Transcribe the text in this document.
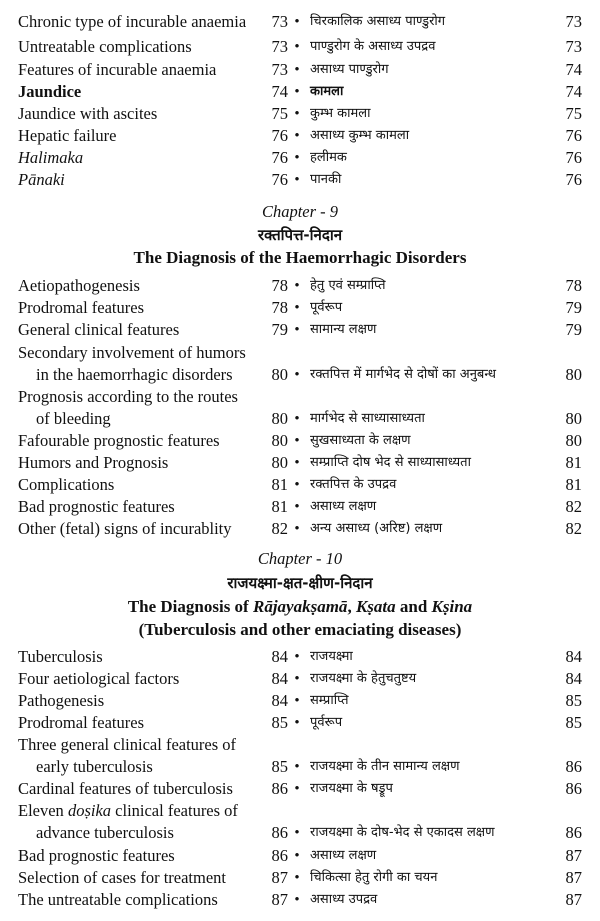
Chronic type of incurable anaemia	73 • चिरकालिक असाध्य पाण्डुरोग	73
Untreatable complications	73 • पाण्डुरोग के असाध्य उपद्रव	73
Features of incurable anaemia	73 • असाध्य पाण्डुरोग	74
Jaundice	74 • कामला	74
Jaundice with ascites	75 • कुम्भ कामला	75
Hepatic failure	76 • असाध्य कुम्भ कामला	76
Halimaka	76 • हलीमक	76
Pānaki	76 • पानकी	76
Chapter - 9
रक्तपित्त-निदान
The Diagnosis of the Haemorrhagic Disorders
Aetiopathogenesis	78 • हेतु एवं सम्प्राप्ति	78
Prodromal features	78 • पूर्वरूप	79
General clinical features	79 • सामान्य लक्षण	79
Secondary involvement of humors
in the haemorrhagic disorders	80 • रक्तपित्त में मार्गभेद से दोषों का अनुबन्ध	80
Prognosis according to the routes
of bleeding	80 • मार्गभेद से साध्यासाध्यता	80
Fafourable prognostic features	80 • सुखसाध्यता के लक्षण	80
Humors and Prognosis	80 • सम्प्राप्ति दोष भेद से साध्यासाध्यता	81
Complications	81 • रक्तपित्त के उपद्रव	81
Bad prognostic features	81 • असाध्य लक्षण	82
Other (fetal) signs of incurablity	82 • अन्य असाध्य (अरिष्ट) लक्षण	82
Chapter - 10
राजयक्ष्मा-क्षत-क्षीण-निदान
The Diagnosis of Rājayakṣamā, Kṣata and Kṣina
(Tuberculosis and other emaciating diseases)
Tuberculosis	84 • राजयक्ष्मा	84
Four aetiological factors	84 • राजयक्ष्मा के हेतुचतुष्टय	84
Pathogenesis	84 • सम्प्राप्ति	85
Prodromal features	85 • पूर्वरूप	85
Three general clinical features of
early tuberculosis	85 • राजयक्ष्मा के तीन सामान्य लक्षण	86
Cardinal features of tuberculosis	86 • राजयक्ष्मा के षड्रूप	86
Eleven doṣika clinical features of
advance tuberculosis	86 • राजयक्ष्मा के दोष-भेद से एकादस लक्षण	86
Bad prognostic features	86 • असाध्य लक्षण	87
Selection of cases for treatment	87 • चिकित्सा हेतु रोगी का चयन	87
The untreatable complications	87 • असाध्य उपद्रव	87
